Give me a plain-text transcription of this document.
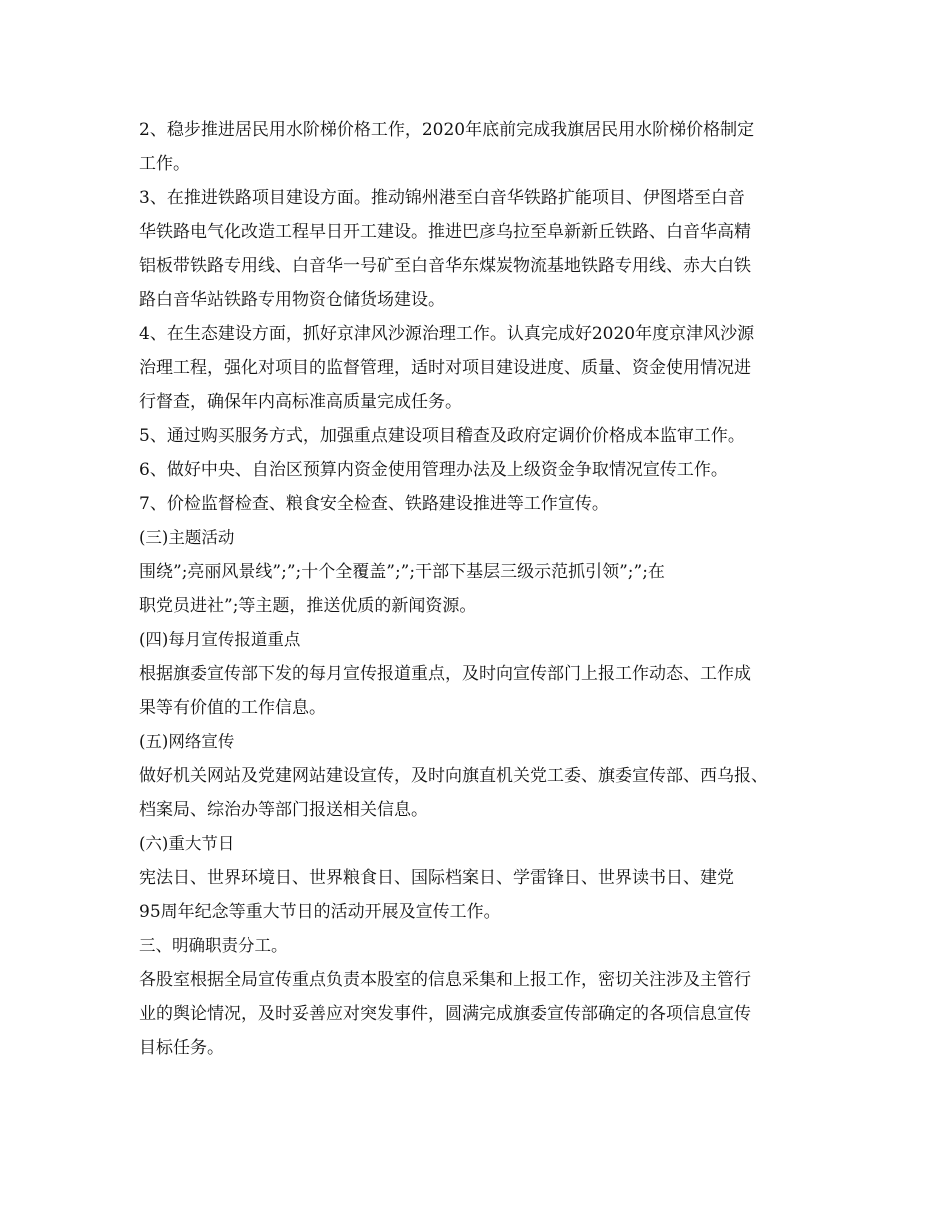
2、稳步推进居民用水阶梯价格工作，2020年底前完成我旗居民用水阶梯价格制定
工作。
3、在推进铁路项目建设方面。推动锦州港至白音华铁路扩能项目、伊图塔至白音
华铁路电气化改造工程早日开工建设。推进巴彦乌拉至阜新新丘铁路、白音华高精
铝板带铁路专用线、白音华一号矿至白音华东煤炭物流基地铁路专用线、赤大白铁
路白音华站铁路专用物资仓储货场建设。
4、在生态建设方面，抓好京津风沙源治理工作。认真完成好2020年度京津风沙源
治理工程，强化对项目的监督管理，适时对项目建设进度、质量、资金使用情况进
行督查，确保年内高标准高质量完成任务。
5、通过购买服务方式，加强重点建设项目稽查及政府定调价价格成本监审工作。
6、做好中央、自治区预算内资金使用管理办法及上级资金争取情况宣传工作。
7、价检监督检查、粮食安全检查、铁路建设推进等工作宣传。
(三)主题活动
围绕”;亮丽风景线”;”;十个全覆盖”;”;干部下基层三级示范抓引领”;”;在
职党员进社”;等主题，推送优质的新闻资源。
(四)每月宣传报道重点
根据旗委宣传部下发的每月宣传报道重点，及时向宣传部门上报工作动态、工作成
果等有价值的工作信息。
(五)网络宣传
做好机关网站及党建网站建设宣传，及时向旗直机关党工委、旗委宣传部、西乌报、
档案局、综治办等部门报送相关信息。
(六)重大节日
宪法日、世界环境日、世界粮食日、国际档案日、学雷锋日、世界读书日、建党
95周年纪念等重大节日的活动开展及宣传工作。
三、明确职责分工。
各股室根据全局宣传重点负责本股室的信息采集和上报工作，密切关注涉及主管行
业的舆论情况，及时妥善应对突发事件，圆满完成旗委宣传部确定的各项信息宣传
目标任务。
